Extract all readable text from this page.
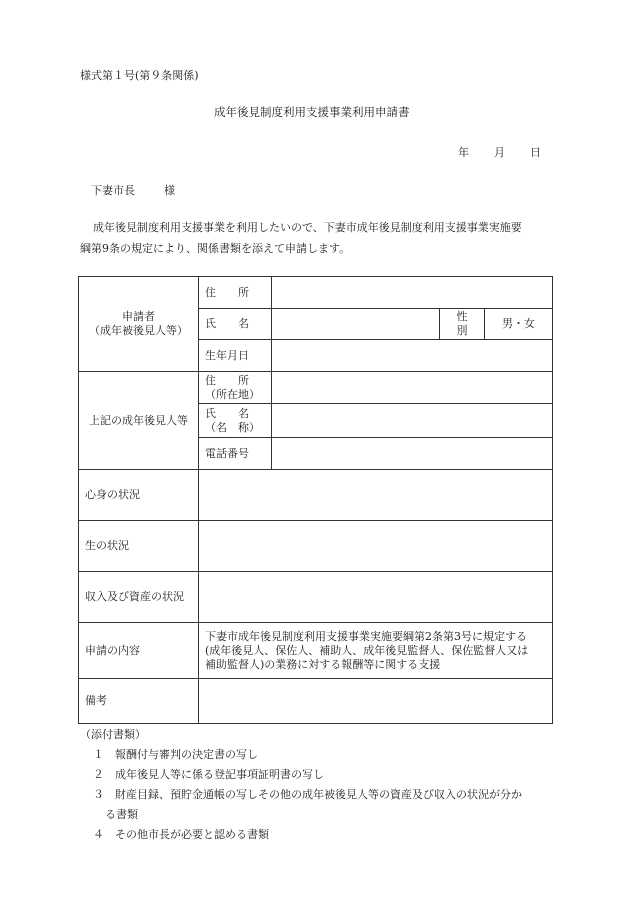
様式第１号(第９条関係)
成年後見制度利用支援事業利用申請書
年 月 日
下妻市長	様
成年後見制度利用支援事業を利用したいので、下妻市成年後見制度利用支援事業実施要
綱第9条の規定により、関係書類を添えて申請します。
申請者
（成年被後見人等）	住　　所			
	氏　　名		性　別	男・女
	生年月日			
上記の成年後見人等	住　　所
（所在地）			

	氏　　名
（名　称）			

	電話番号			
心身の状況				
生の状況				
収入及び資産の状況				
申請の内容	下妻市成年後見制度利用支援事業実施要綱第2条第3号に規定する
(成年後見人、保佐人、補助人、成年後見監督人、保佐監督人又は
補助監督人)の業務に対する報酬等に関する支援			

備考				
（添付書類）
１　報酬付与審判の決定書の写し
２　成年後見人等に係る登記事項証明書の写し
３　財産目録、預貯金通帳の写しその他の成年被後見人等の資産及び収入の状況が分か
る書類
４　その他市長が必要と認める書類
